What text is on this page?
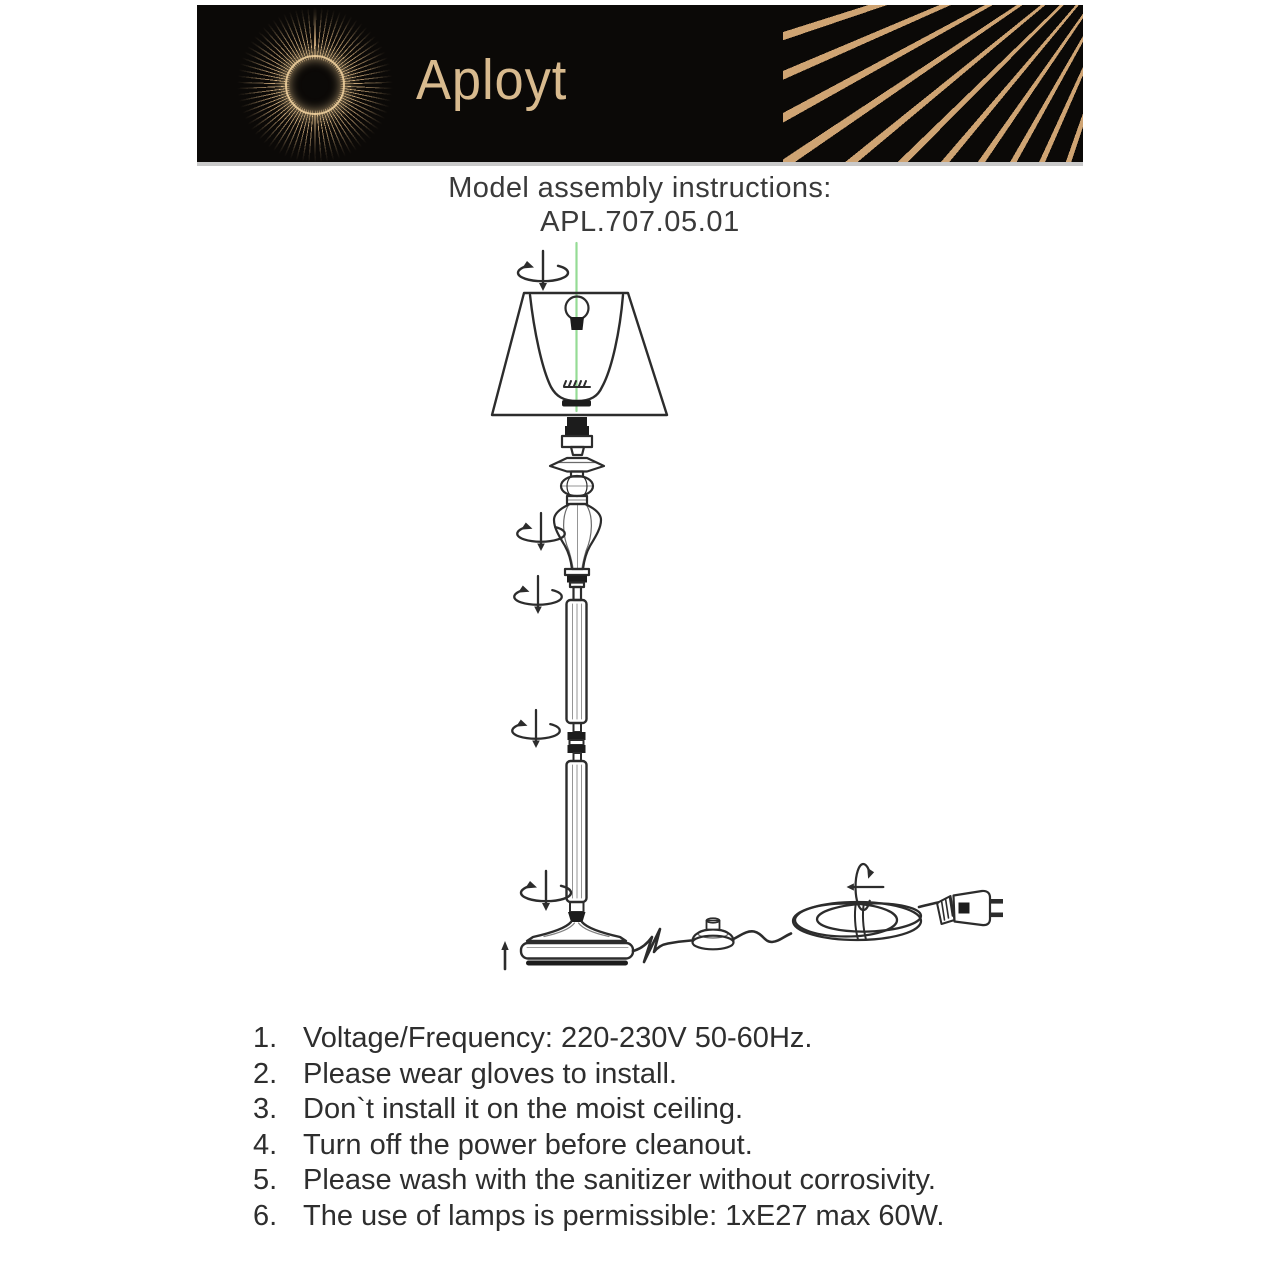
Aployt
Model assembly instructions:
APL.707.05.01
1. Voltage/Frequency: 220-230V 50-60Hz.
2. Please wear gloves to install.
3. Don`t install it on the moist ceiling.
4. Turn off the power before cleanout.
5. Please wash with the sanitizer without corrosivity.
6. The use of lamps is permissible: 1xE27 max 60W.
